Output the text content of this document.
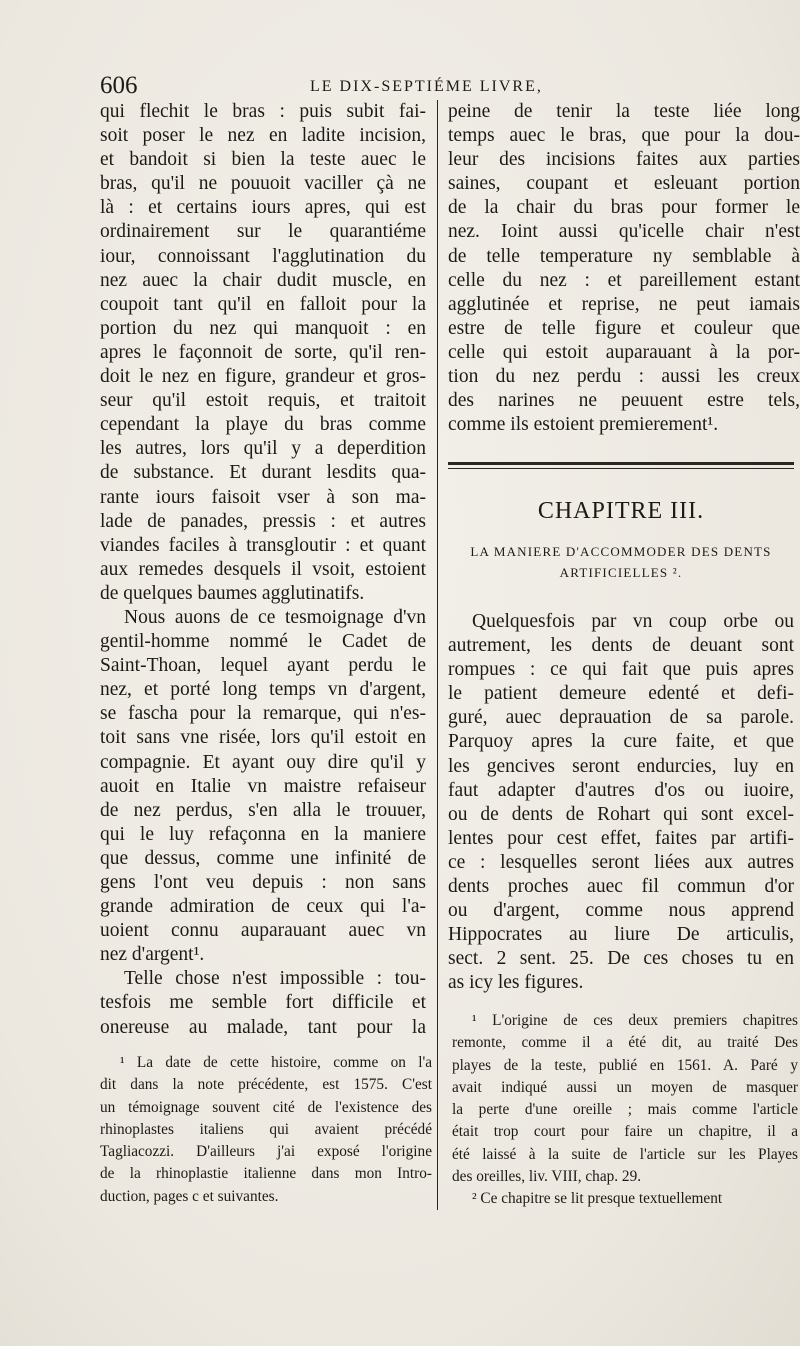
606	LE DIX-SEPTIÉME LIVRE,
qui flechit le bras : puis subit fai-
soit poser le nez en ladite incision,
et bandoit si bien la teste auec le
bras, qu'il ne pouuoit vaciller çà ne
là : et certains iours apres, qui est
ordinairement sur le quarantiéme
iour, connoissant l'agglutination du
nez auec la chair dudit muscle, en
coupoit tant qu'il en falloit pour la
portion du nez qui manquoit : en
apres le façonnoit de sorte, qu'il ren-
doit le nez en figure, grandeur et gros-
seur qu'il estoit requis, et traitoit
cependant la playe du bras comme
les autres, lors qu'il y a deperdition
de substance. Et durant lesdits qua-
rante iours faisoit vser à son ma-
lade de panades, pressis : et autres
viandes faciles à transgloutir : et quant
aux remedes desquels il vsoit, estoient
de quelques baumes agglutinatifs.
Nous auons de ce tesmoignage d'vn
gentil-homme nommé le Cadet de
Saint-Thoan, lequel ayant perdu le
nez, et porté long temps vn d'argent,
se fascha pour la remarque, qui n'es-
toit sans vne risée, lors qu'il estoit en
compagnie. Et ayant ouy dire qu'il y
auoit en Italie vn maistre refaiseur
de nez perdus, s'en alla le trouuer,
qui le luy refaçonna en la maniere
que dessus, comme une infinité de
gens l'ont veu depuis : non sans
grande admiration de ceux qui l'a-
uoient connu auparauant auec vn
nez d'argent¹.
Telle chose n'est impossible : tou-
tesfois me semble fort difficile et
onereuse au malade, tant pour la
¹ La date de cette histoire, comme on l'a
dit dans la note précédente, est 1575. C'est
un témoignage souvent cité de l'existence des
rhinoplastes italiens qui avaient précédé
Tagliacozzi. D'ailleurs j'ai exposé l'origine
de la rhinoplastie italienne dans mon Intro-
duction, pages c et suivantes.
peine de tenir la teste liée long
temps auec le bras, que pour la dou-
leur des incisions faites aux parties
saines, coupant et esleuant portion
de la chair du bras pour former le
nez. Ioint aussi qu'icelle chair n'est
de telle temperature ny semblable à
celle du nez : et pareillement estant
agglutinée et reprise, ne peut iamais
estre de telle figure et couleur que
celle qui estoit auparauant à la por-
tion du nez perdu : aussi les creux
des narines ne peuuent estre tels,
comme ils estoient premierement¹.
CHAPITRE III.
LA MANIERE D'ACCOMMODER DES DENTS
ARTIFICIELLES ².
Quelquesfois par vn coup orbe ou
autrement, les dents de deuant sont
rompues : ce qui fait que puis apres
le patient demeure edenté et defi-
guré, auec deprauation de sa parole.
Parquoy apres la cure faite, et que
les gencives seront endurcies, luy en
faut adapter d'autres d'os ou iuoire,
ou de dents de Rohart qui sont excel-
lentes pour cest effet, faites par artifi-
ce : lesquelles seront liées aux autres
dents proches auec fil commun d'or
ou d'argent, comme nous apprend
Hippocrates au liure De articulis,
sect. 2 sent. 25. De ces choses tu en
as icy les figures.
¹ L'origine de ces deux premiers chapitres
remonte, comme il a été dit, au traité Des
playes de la teste, publié en 1561. A. Paré y
avait indiqué aussi un moyen de masquer
la perte d'une oreille ; mais comme l'article
était trop court pour faire un chapitre, il a
été laissé à la suite de l'article sur les Playes
des oreilles, liv. VIII, chap. 29.
² Ce chapitre se lit presque textuellement
